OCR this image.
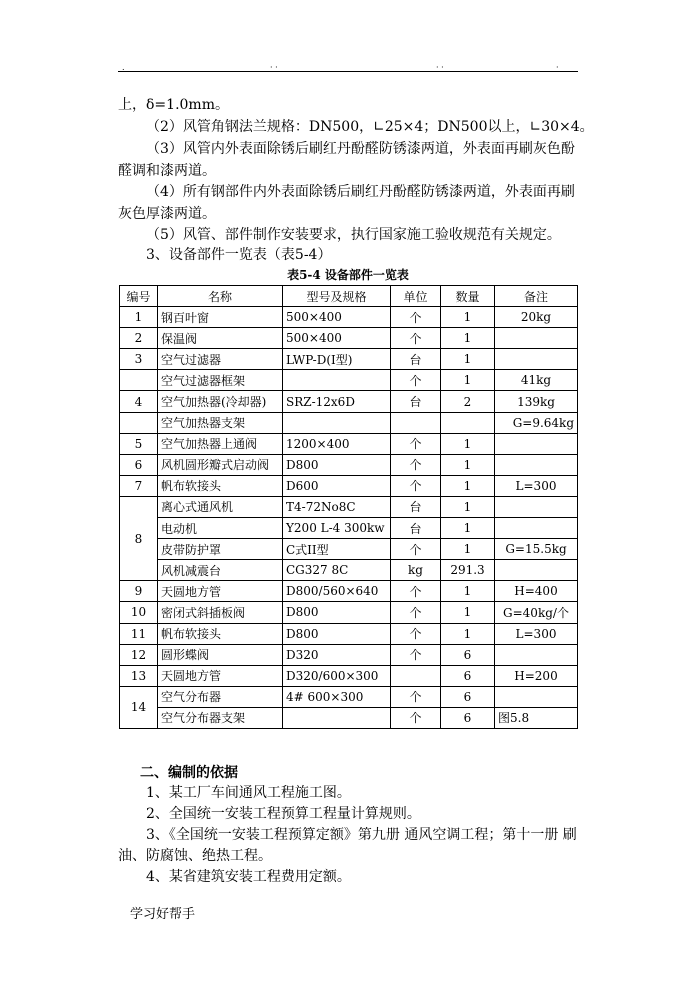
.	· ·	· ·	·
上，δ=1.0mm。
（2）风管角钢法兰规格：DN500，∟25×4；DN500以上，∟30×4。
（3）风管内外表面除锈后刷红丹酚醛防锈漆两道，外表面再刷灰色酚
醛调和漆两道。
（4）所有钢部件内外表面除锈后刷红丹酚醛防锈漆两道，外表面再刷
灰色厚漆两道。
（5）风管、部件制作安装要求，执行国家施工验收规范有关规定。
3、设备部件一览表（表5-4）
表5-4 设备部件一览表
编号	名称	型号及规格	单位	数量	备注
1	钢百叶窗	500×400	个	1	20kg
2	保温阀	500×400	个	1	
3	空气过滤器	LWP-D(I型)	台	1	
	空气过滤器框架		个	1	41kg
4	空气加热器(冷却器)	SRZ-12x6D	台	2	139kg
	空气加热器支架				G=9.64kg
5	空气加热器上通阀	1200×400	个	1	
6	风机圆形瓣式启动阀	D800	个	1	
7	帆布软接头	D600	个	1	L=300
8	离心式通风机	T4-72No8C	台	1	
	电动机	Y200 L-4 300kw	台	1	
	皮带防护罩	C式II型	个	1	G=15.5kg
	风机减震台	CG327 8C	kg	291.3	
9	天圆地方管	D800/560×640	个	1	H=400
10	密闭式斜插板阀	D800	个	1	G=40kg/个
11	帆布软接头	D800	个	1	L=300
12	圆形蝶阀	D320	个	6	
13	天圆地方管	D320/600×300		6	H=200
14	空气分布器	4# 600×300	个	6	
	空气分布器支架		个	6	图5.8
二、编制的依据
1、某工厂车间通风工程施工图。
2、全国统一安装工程预算工程量计算规则。
3、《全国统一安装工程预算定额》第九册 通风空调工程；第十一册 刷
油、防腐蚀、绝热工程。
4、某省建筑安装工程费用定额。
学习好帮手
